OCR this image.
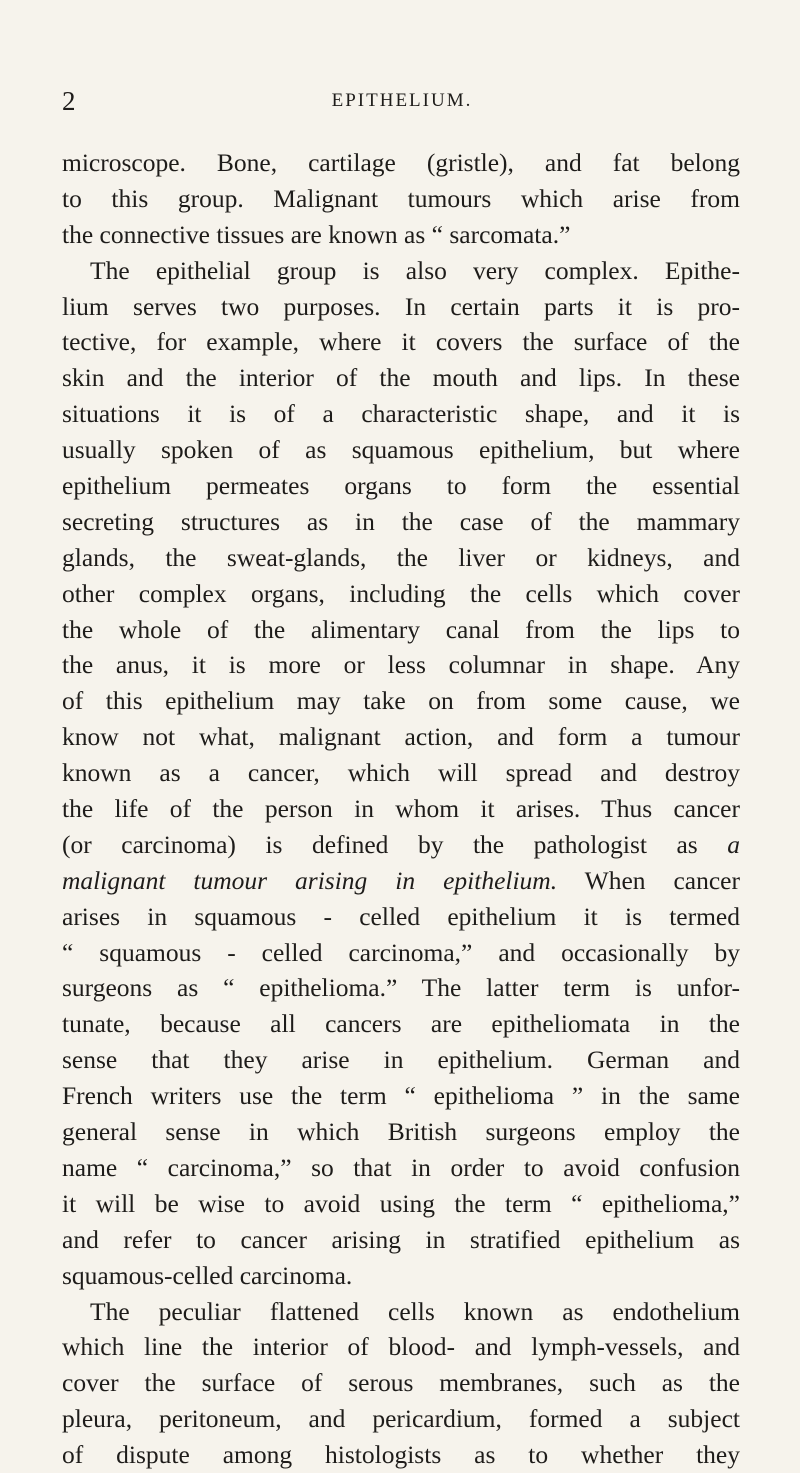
2	EPITHELIUM.
microscope. Bone, cartilage (gristle), and fat belong
to this group. Malignant tumours which arise from
the connective tissues are known as “ sarcomata.”
The epithelial group is also very complex. Epithe-
lium serves two purposes. In certain parts it is pro-
tective, for example, where it covers the surface of the
skin and the interior of the mouth and lips. In these
situations it is of a characteristic shape, and it is
usually spoken of as squamous epithelium, but where
epithelium permeates organs to form the essential
secreting structures as in the case of the mammary
glands, the sweat-glands, the liver or kidneys, and
other complex organs, including the cells which cover
the whole of the alimentary canal from the lips to
the anus, it is more or less columnar in shape. Any
of this epithelium may take on from some cause, we
know not what, malignant action, and form a tumour
known as a cancer, which will spread and destroy
the life of the person in whom it arises. Thus cancer
(or carcinoma) is defined by the pathologist as a
malignant tumour arising in epithelium. When cancer
arises in squamous - celled epithelium it is termed
“ squamous - celled carcinoma,” and occasionally by
surgeons as “ epithelioma.” The latter term is unfor-
tunate, because all cancers are epitheliomata in the
sense that they arise in epithelium. German and
French writers use the term “ epithelioma ” in the same
general sense in which British surgeons employ the
name “ carcinoma,” so that in order to avoid confusion
it will be wise to avoid using the term “ epithelioma,”
and refer to cancer arising in stratified epithelium as
squamous-celled carcinoma.
The peculiar flattened cells known as endothelium
which line the interior of blood- and lymph-vessels, and
cover the surface of serous membranes, such as the
pleura, peritoneum, and pericardium, formed a subject
of dispute among histologists as to whether they
